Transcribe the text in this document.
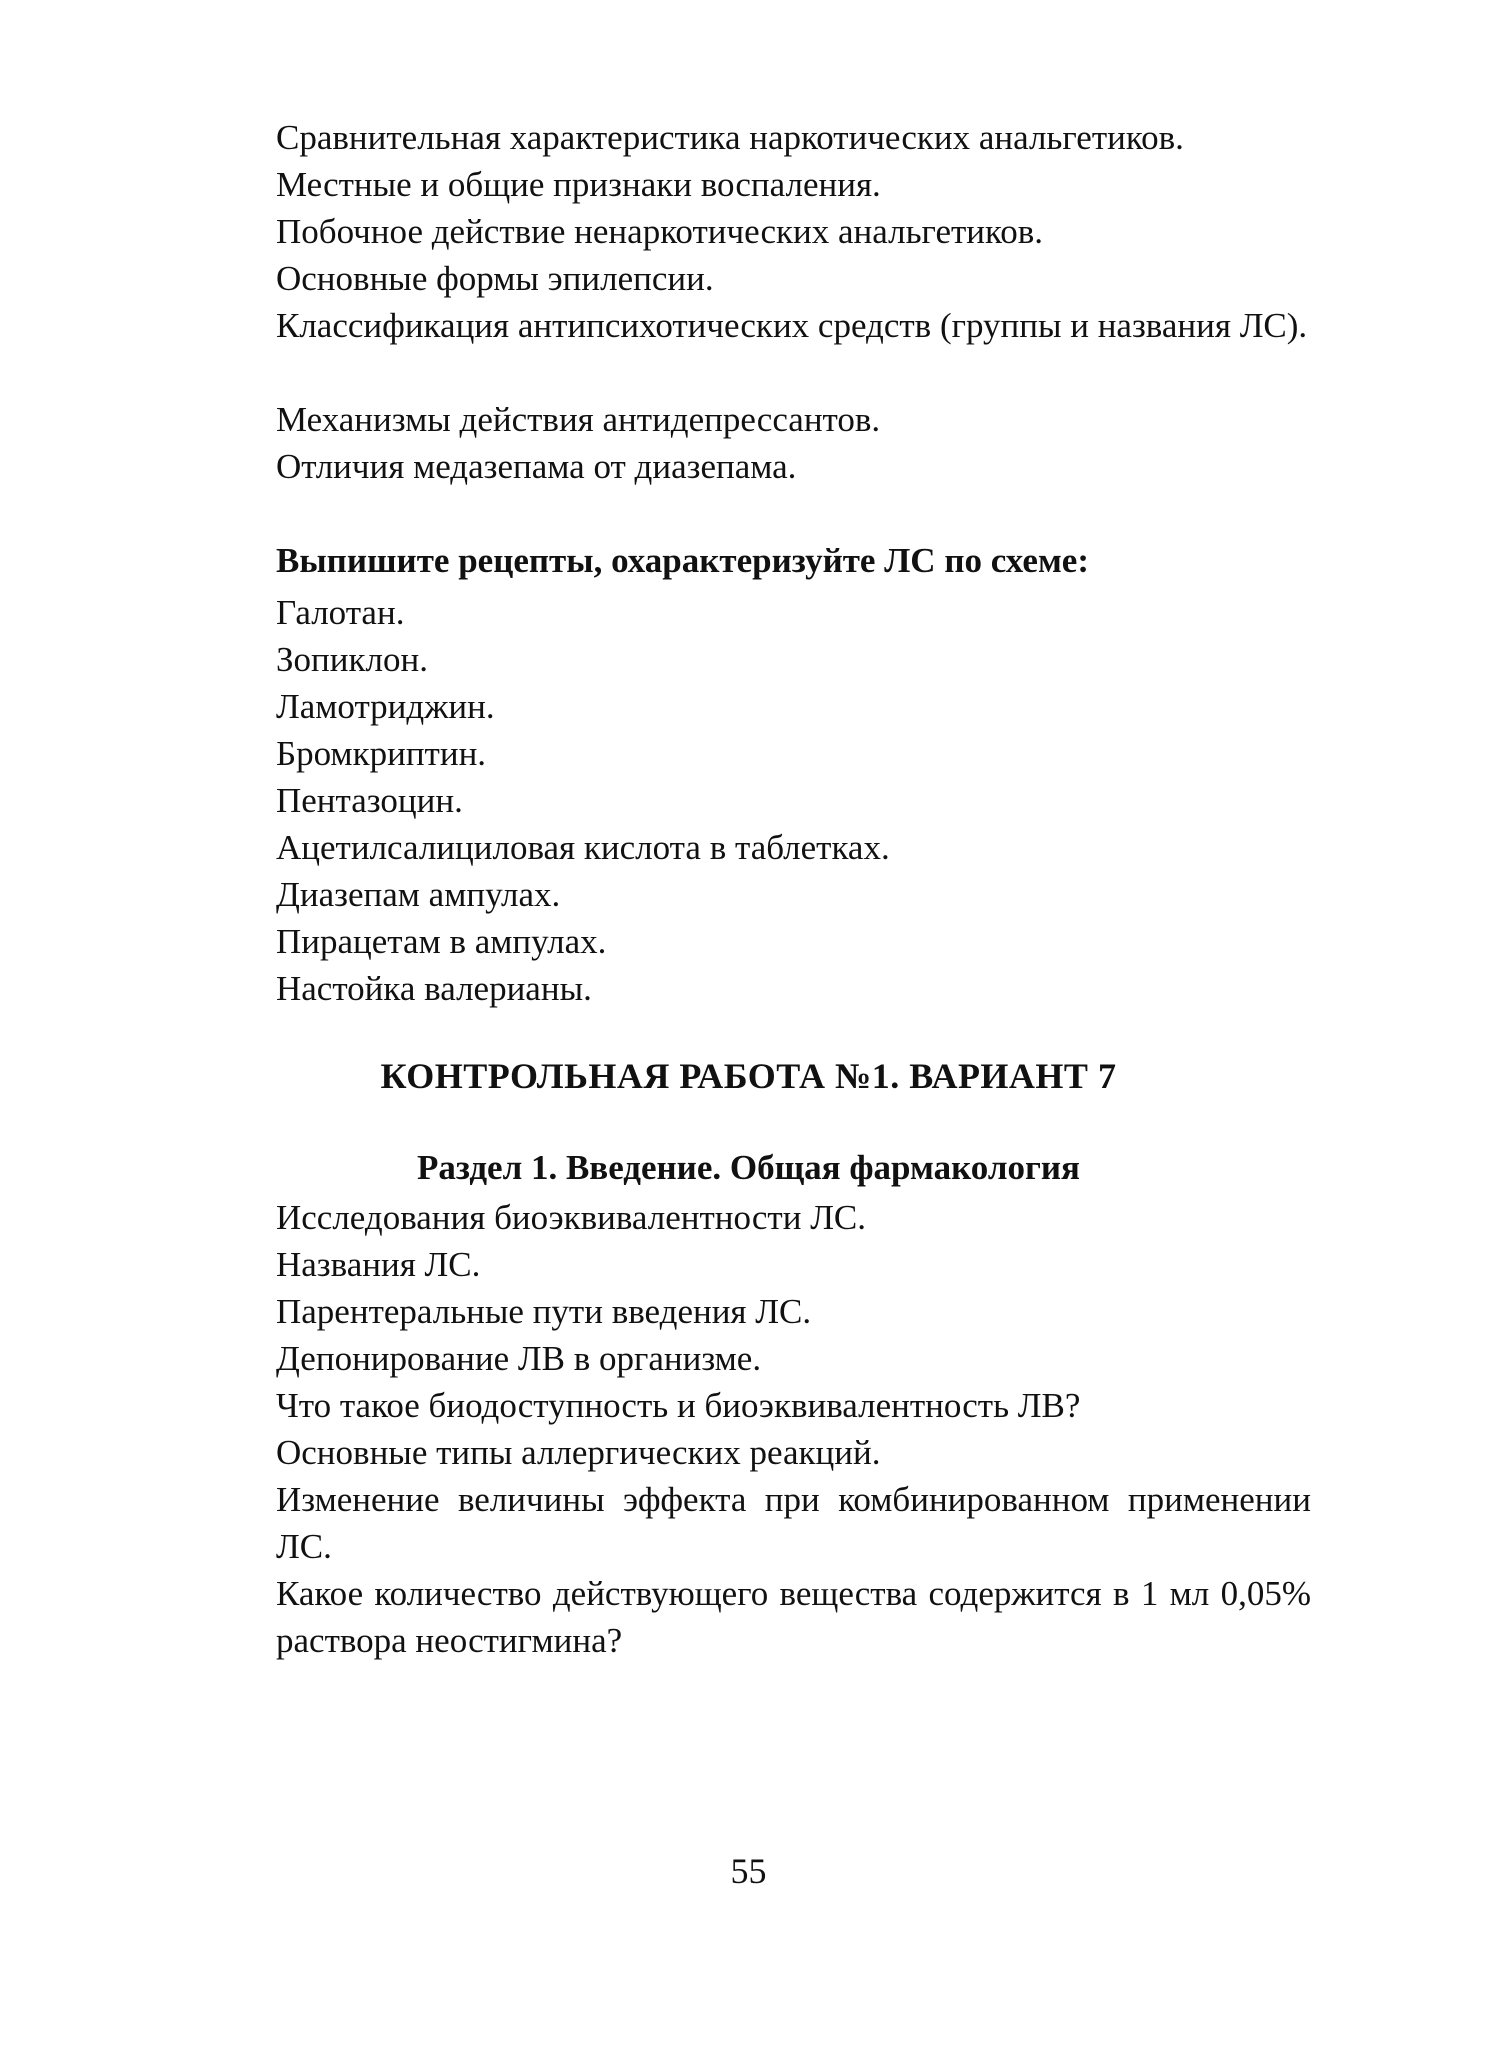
Сравнительная характеристика наркотических анальгетиков.
Местные и общие признаки воспаления.
Побочное действие ненаркотических анальгетиков.
Основные формы эпилепсии.
Классификация антипсихотических средств (группы и названия ЛС).
Механизмы действия антидепрессантов.
Отличия медазепама от диазепама.
Выпишите рецепты, охарактеризуйте ЛС по схеме:
Галотан.
Зопиклон.
Ламотриджин.
Бромкриптин.
Пентазоцин.
Ацетилсалициловая кислота в таблетках.
Диазепам ампулах.
Пирацетам в ампулах.
Настойка валерианы.
КОНТРОЛЬНАЯ РАБОТА №1. ВАРИАНТ 7
Раздел 1. Введение. Общая фармакология
Исследования биоэквивалентности ЛС.
Названия ЛС.
Парентеральные пути введения ЛС.
Депонирование ЛВ в организме.
Что такое биодоступность и биоэквивалентность ЛВ?
Основные типы аллергических реакций.
Изменение величины эффекта при комбинированном применении ЛС.
Какое количество действующего вещества содержится в 1 мл 0,05% раствора неостигмина?
55
